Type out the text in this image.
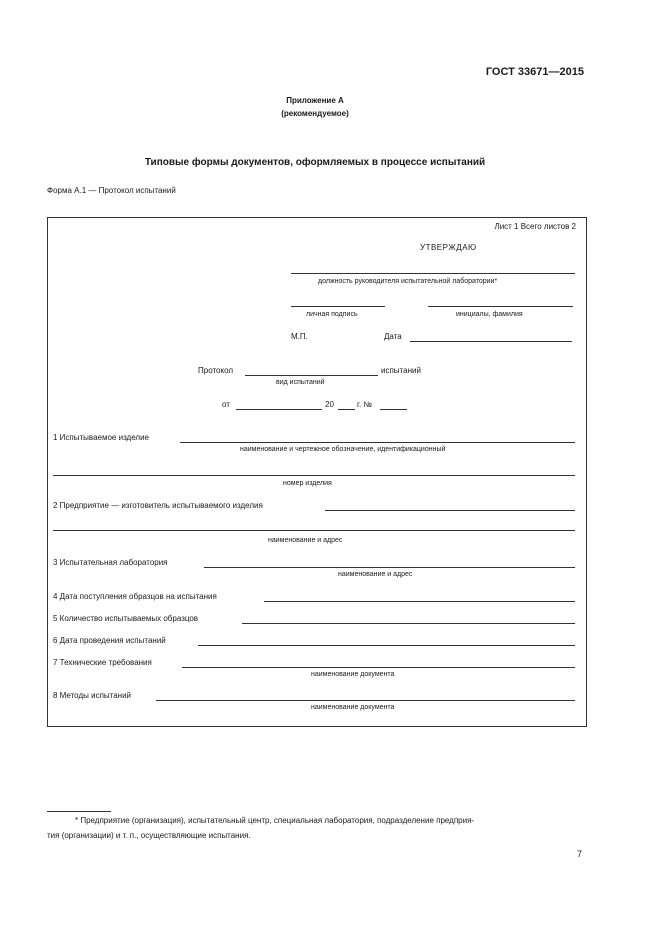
ГОСТ 33671—2015
Приложение А
(рекомендуемое)
Типовые формы документов, оформляемых в процессе испытаний
Форма А.1 — Протокол испытаний
Лист 1 Всего листов 2
УТВЕРЖДАЮ
должность руководителя испытательной лаборатории*
личная подпись	инициалы, фамилия
М.П.	Дата
Протокол	испытаний
вид испытаний
от	20	г. №
1 Испытываемое изделие
наименование и чертежное обозначение, идентификационный
номер изделия
2 Предприятие — изготовитель испытываемого изделия
наименование и адрес
3 Испытательная лаборатория
наименование и адрес
4 Дата поступления образцов на испытания
5 Количество испытываемых образцов
6 Дата проведения испытаний
7 Технические требования
наименование документа
8 Методы испытаний
наименование документа
* Предприятие (организация), испытательный центр, специальная лаборатория, подразделение предприя-
тия (организации) и т. п., осуществляющие испытания.
7
